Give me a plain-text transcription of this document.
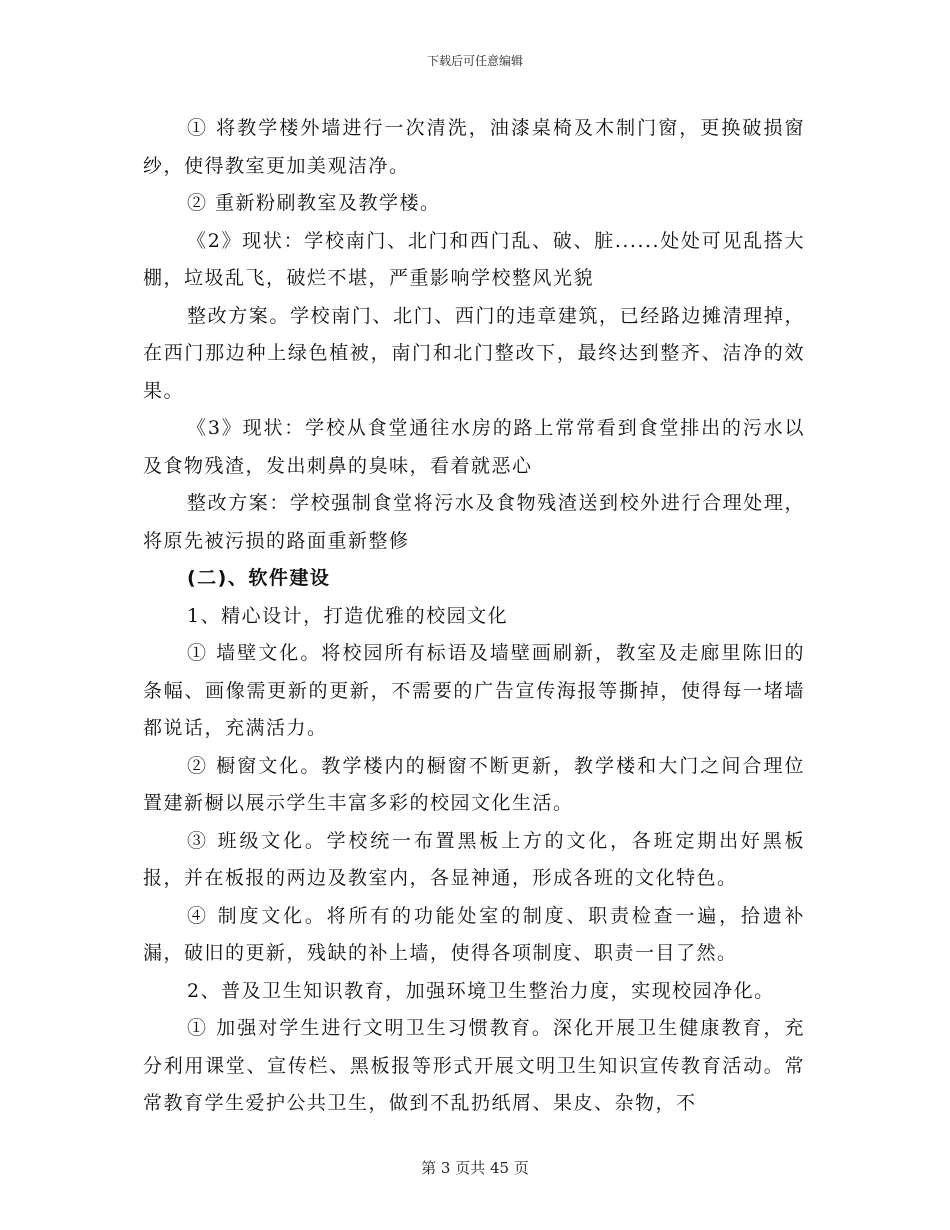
下载后可任意编辑

① 将教学楼外墙进行一次清洗，油漆桌椅及木制门窗，更换破损窗纱，使得教室更加美观洁净。

② 重新粉刷教室及教学楼。

《2》现状：学校南门、北门和西门乱、破、脏......处处可见乱搭大棚，垃圾乱飞，破烂不堪，严重影响学校整风光貌

整改方案。学校南门、北门、西门的违章建筑，已经路边摊清理掉，在西门那边种上绿色植被，南门和北门整改下，最终达到整齐、洁净的效果。

《3》现状：学校从食堂通往水房的路上常常看到食堂排出的污水以及食物残渣，发出刺鼻的臭味，看着就恶心

整改方案：学校强制食堂将污水及食物残渣送到校外进行合理处理，将原先被污损的路面重新整修

(二)、软件建设

1、精心设计，打造优雅的校园文化

① 墙壁文化。将校园所有标语及墙壁画刷新，教室及走廊里陈旧的条幅、画像需更新的更新，不需要的广告宣传海报等撕掉，使得每一堵墙都说话，充满活力。

② 橱窗文化。教学楼内的橱窗不断更新，教学楼和大门之间合理位置建新橱以展示学生丰富多彩的校园文化生活。

③ 班级文化。学校统一布置黑板上方的文化，各班定期出好黑板报，并在板报的两边及教室内，各显神通，形成各班的文化特色。

④ 制度文化。将所有的功能处室的制度、职责检查一遍，拾遗补漏，破旧的更新，残缺的补上墙，使得各项制度、职责一目了然。

2、普及卫生知识教育，加强环境卫生整治力度，实现校园净化。

① 加强对学生进行文明卫生习惯教育。深化开展卫生健康教育，充分利用课堂、宣传栏、黑板报等形式开展文明卫生知识宣传教育活动。常常教育学生爱护公共卫生，做到不乱扔纸屑、果皮、杂物，不

第 3 页共 45 页
